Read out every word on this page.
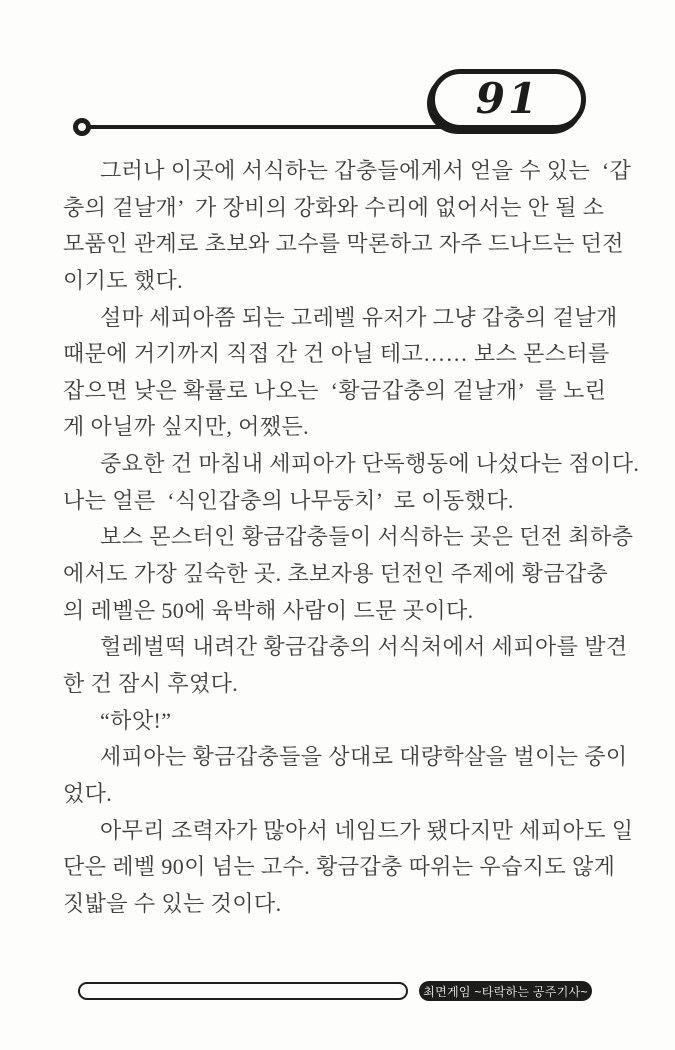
91
그러나 이곳에 서식하는 갑충들에게서 얻을 수 있는  ‘갑
충의 겉날개’  가 장비의 강화와 수리에 없어서는 안 될 소
모품인 관계로 초보와 고수를 막론하고 자주 드나드는 던전
이기도 했다.
설마 세피아쯤 되는 고레벨 유저가 그냥 갑충의 겉날개
때문에 거기까지 직접 간 건 아닐 테고…… 보스 몬스터를
잡으면 낮은 확률로 나오는  ‘황금갑충의 겉날개’  를 노린
게 아닐까 싶지만, 어쨌든.
중요한 건 마침내 세피아가 단독행동에 나섰다는 점이다.
나는 얼른  ‘식인갑충의 나무둥치’  로 이동했다.
보스 몬스터인 황금갑충들이 서식하는 곳은 던전 최하층
에서도 가장 깊숙한 곳. 초보자용 던전인 주제에 황금갑충
의 레벨은 50에 육박해 사람이 드문 곳이다.
헐레벌떡 내려간 황금갑충의 서식처에서 세피아를 발견
한 건 잠시 후였다.
“하앗!”
세피아는 황금갑충들을 상대로 대량학살을 벌이는 중이
었다.
아무리 조력자가 많아서 네임드가 됐다지만 세피아도 일
단은 레벨 90이 넘는 고수. 황금갑충 따위는 우습지도 않게
짓밟을 수 있는 것이다.
최면게임 ~타락하는 공주기사~
